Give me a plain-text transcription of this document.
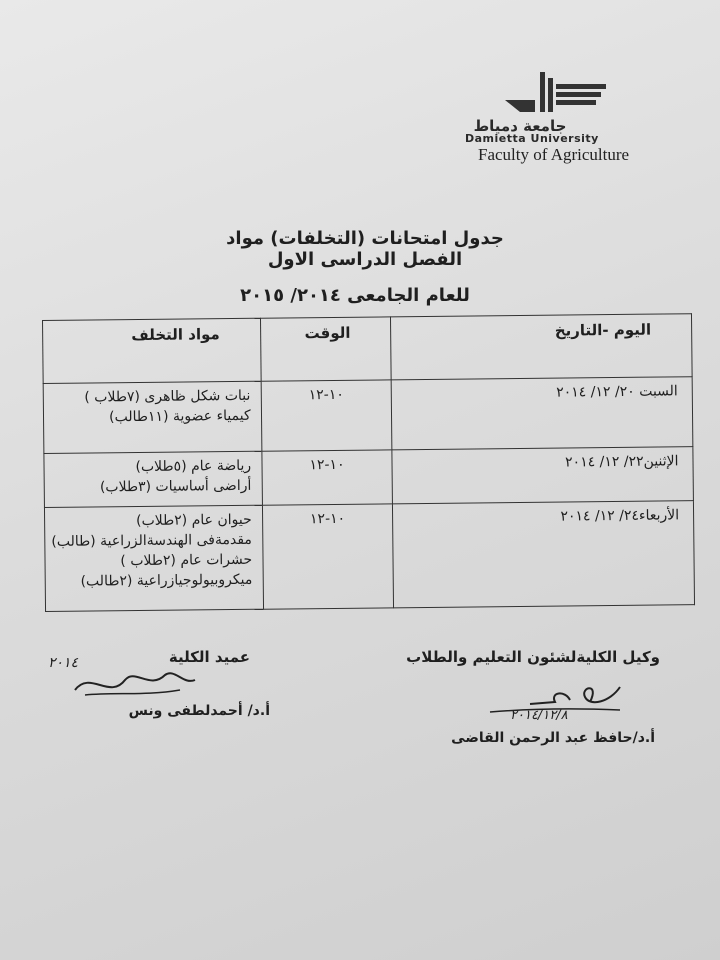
جامعة دمياط
Damietta University
Faculty of Agriculture
جدول امتحانات (التخلفات) مواد الفصل الدراسى الاول
للعام الجامعى ٢٠١٤/ ٢٠١٥
اليوم -التاريخ	الوقت	مواد التخلف
السبت ٢٠/ ١٢/ ٢٠١٤	١٠-١٢	نبات شكل ظاهرى (٧طلاب )
كيمياء عضوية (١١طالب)

الإثنين٢٢/ ١٢/ ٢٠١٤	١٠-١٢	رياضة عام (٥طلاب)
أراضى أساسيات (٣طلاب)

الأربعاء٢٤/ ١٢/ ٢٠١٤	١٠-١٢	حيوان عام (٢طلاب)
مقدمةفى الهندسةالزراعية (طالب)
حشرات عام (٢طلاب )
ميكروبيولوجيازراعية (٢طالب)
وكيل الكليةلشئون التعليم والطلاب
٢٠١٤/١٢/٨
أ.د/حافظ عبد الرحمن القاضى
عميد الكلية
٢٠١٤
أ.د/ أحمدلطفى ونس
